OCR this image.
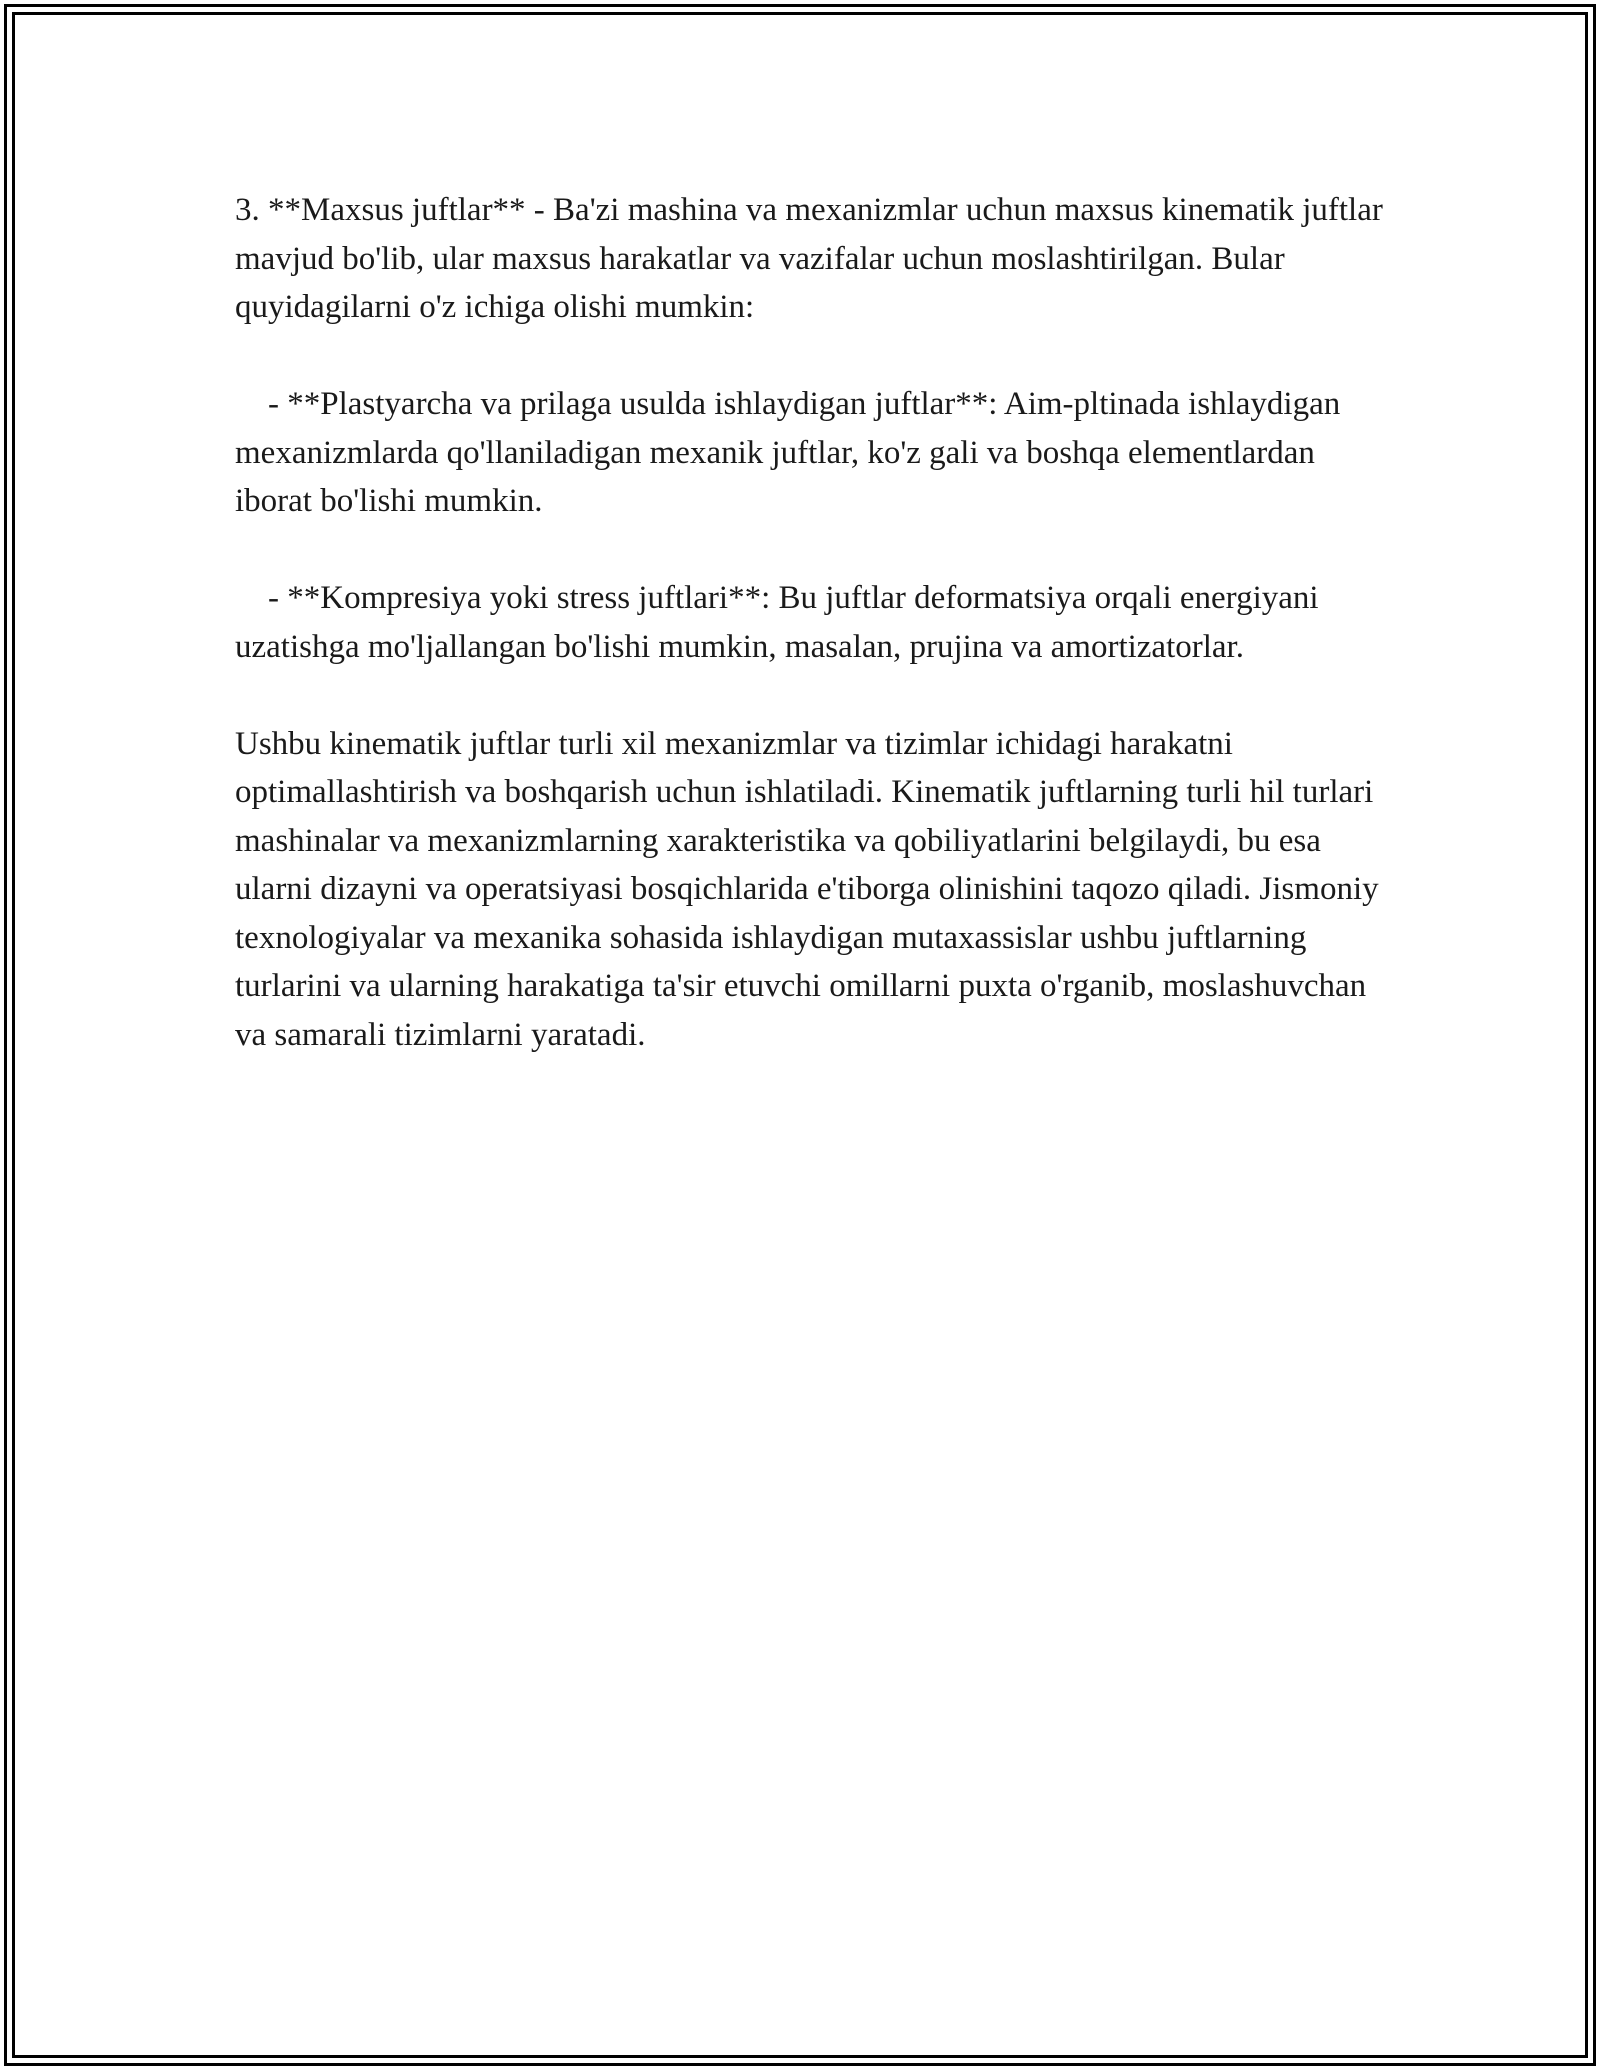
3. **Maxsus juftlar** - Ba'zi mashina va mexanizmlar uchun maxsus kinematik juftlar mavjud bo'lib, ular maxsus harakatlar va vazifalar uchun moslashtirilgan. Bular quyidagilarni o'z ichiga olishi mumkin:

- **Plastyarcha va prilaga usulda ishlaydigan juftlar**: Aim-pltinada ishlaydigan mexanizmlarda qo'llaniladigan mexanik juftlar, ko'z gali va boshqa elementlardan iborat bo'lishi mumkin.

- **Kompresiya yoki stress juftlari**: Bu juftlar deformatsiya orqali energiyani uzatishga mo'ljallangan bo'lishi mumkin, masalan, prujina va amortizatorlar.

Ushbu kinematik juftlar turli xil mexanizmlar va tizimlar ichidagi harakatni optimallashtirish va boshqarish uchun ishlatiladi. Kinematik juftlarning turli hil turlari mashinalar va mexanizmlarning xarakteristika va qobiliyatlarini belgilaydi, bu esa ularni dizayni va operatsiyasi bosqichlarida e'tiborga olinishini taqozo qiladi. Jismoniy texnologiyalar va mexanika sohasida ishlaydigan mutaxassislar ushbu juftlarning turlarini va ularning harakatiga ta'sir etuvchi omillarni puxta o'rganib, moslashuvchan va samarali tizimlarni yaratadi.
